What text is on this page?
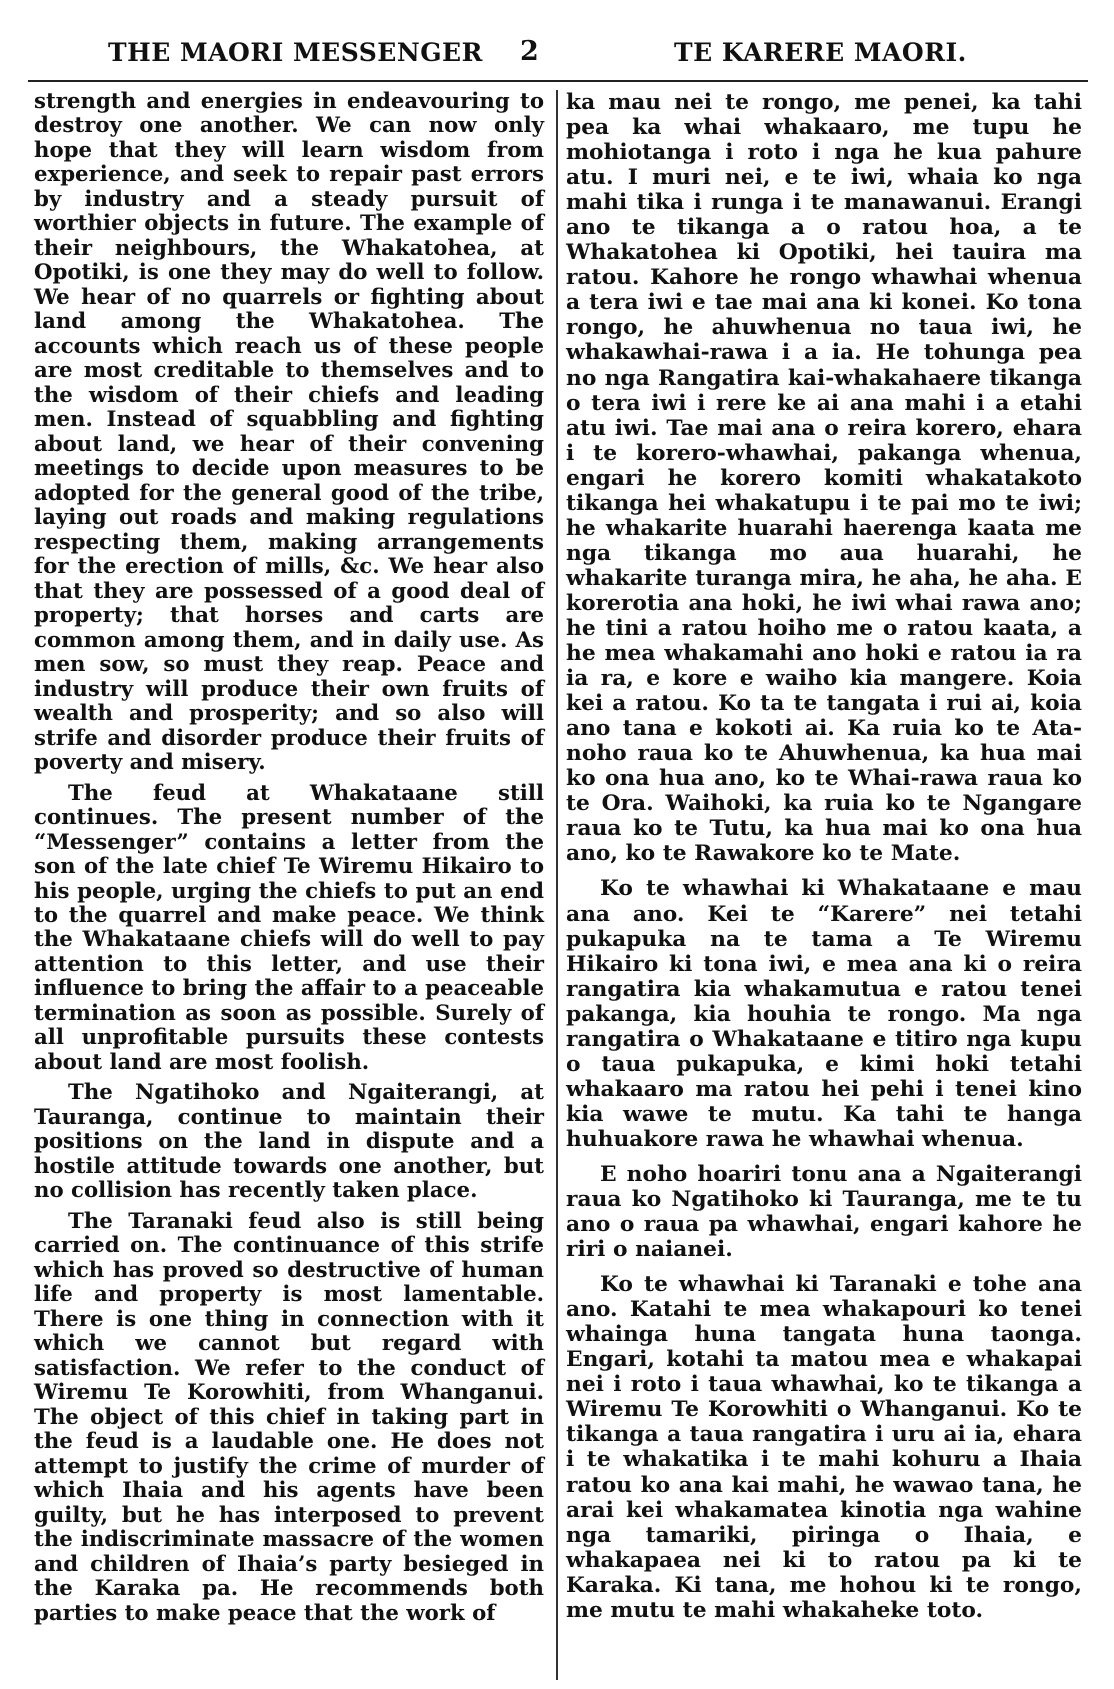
THE MAORI MESSENGER 2	TE KARERE MAORI.

strength and energies in endeavouring to destroy one another. We can now only hope that they will learn wisdom from experience, and seek to repair past errors by industry and a steady pursuit of worthier objects in future. The example of their neighbours, the Whakatohea, at Opotiki, is one they may do well to follow. We hear of no quarrels or fighting about land among the Whakatohea. The accounts which reach us of these people are most creditable to themselves and to the wisdom of their chiefs and leading men. Instead of squabbling and fighting about land, we hear of their convening meetings to decide upon measures to be adopted for the general good of the tribe, laying out roads and making regulations respecting them, making arrangements for the erection of mills, &c. We hear also that they are possessed of a good deal of property; that horses and carts are common among them, and in daily use. As men sow, so must they reap. Peace and industry will produce their own fruits of wealth and prosperity; and so also will strife and disorder produce their fruits of poverty and misery.

The feud at Whakataane still continues. The present number of the “Messenger” contains a letter from the son of the late chief Te Wiremu Hikairo to his people, urging the chiefs to put an end to the quarrel and make peace. We think the Whakataane chiefs will do well to pay attention to this letter, and use their influence to bring the affair to a peaceable termination as soon as possible. Surely of all unprofitable pursuits these contests about land are most foolish.

The Ngatihoko and Ngaiterangi, at Tauranga, continue to maintain their positions on the land in dispute and a hostile attitude towards one another, but no collision has recently taken place.

The Taranaki feud also is still being carried on. The continuance of this strife which has proved so destructive of human life and property is most lamentable. There is one thing in connection with it which we cannot but regard with satisfaction. We refer to the conduct of Wiremu Te Korowhiti, from Whanganui. The object of this chief in taking part in the feud is a laudable one. He does not attempt to justify the crime of murder of which Ihaia and his agents have been guilty, but he has interposed to prevent the indiscriminate massacre of the women and children of Ihaia’s party besieged in the Karaka pa. He recommends both parties to make peace that the work of

ka mau nei te rongo, me penei, ka tahi pea ka whai whakaaro, me tupu he mohiotanga i roto i nga he kua pahure atu. I muri nei, e te iwi, whaia ko nga mahi tika i runga i te manawanui. Erangi ano te tikanga a o ratou hoa, a te Whakatohea ki Opotiki, hei tauira ma ratou. Kahore he rongo whawhai whenua a tera iwi e tae mai ana ki konei. Ko tona rongo, he ahuwhenua no taua iwi, he whakawhai-rawa i a ia. He tohunga pea no nga Rangatira kai-whakahaere tikanga o tera iwi i rere ke ai ana mahi i a etahi atu iwi. Tae mai ana o reira korero, ehara i te korero-whawhai, pakanga whenua, engari he korero komiti whakatakoto tikanga hei whakatupu i te pai mo te iwi; he whakarite huarahi haerenga kaata me nga tikanga mo aua huarahi, he whakarite turanga mira, he aha, he aha. E korerotia ana hoki, he iwi whai rawa ano; he tini a ratou hoiho me o ratou kaata, a he mea whakamahi ano hoki e ratou ia ra ia ra, e kore e waiho kia mangere. Koia kei a ratou. Ko ta te tangata i rui ai, koia ano tana e kokoti ai. Ka ruia ko te Ata-noho raua ko te Ahuwhenua, ka hua mai ko ona hua ano, ko te Whai-rawa raua ko te Ora. Waihoki, ka ruia ko te Ngangare raua ko te Tutu, ka hua mai ko ona hua ano, ko te Rawakore ko te Mate.

Ko te whawhai ki Whakataane e mau ana ano. Kei te “Karere” nei tetahi pukapuka na te tama a Te Wiremu Hikairo ki tona iwi, e mea ana ki o reira rangatira kia whakamutua e ratou tenei pakanga, kia houhia te rongo. Ma nga rangatira o Whakataane e titiro nga kupu o taua pukapuka, e kimi hoki tetahi whakaaro ma ratou hei pehi i tenei kino kia wawe te mutu. Ka tahi te hanga huhuakore rawa he whawhai whenua.

E noho hoariri tonu ana a Ngaiterangi raua ko Ngatihoko ki Tauranga, me te tu ano o raua pa whawhai, engari kahore he riri o naianei.

Ko te whawhai ki Taranaki e tohe ana ano. Katahi te mea whakapouri ko tenei whainga huna tangata huna taonga. Engari, kotahi ta matou mea e whakapai nei i roto i taua whawhai, ko te tikanga a Wiremu Te Korowhiti o Whanganui. Ko te tikanga a taua rangatira i uru ai ia, ehara i te whakatika i te mahi kohuru a Ihaia ratou ko ana kai mahi, he wawao tana, he arai kei whakamatea kinotia nga wahine nga tamariki, piringa o Ihaia, e whakapaea nei ki to ratou pa ki te Karaka. Ki tana, me hohou ki te rongo, me mutu te mahi whakaheke toto.
